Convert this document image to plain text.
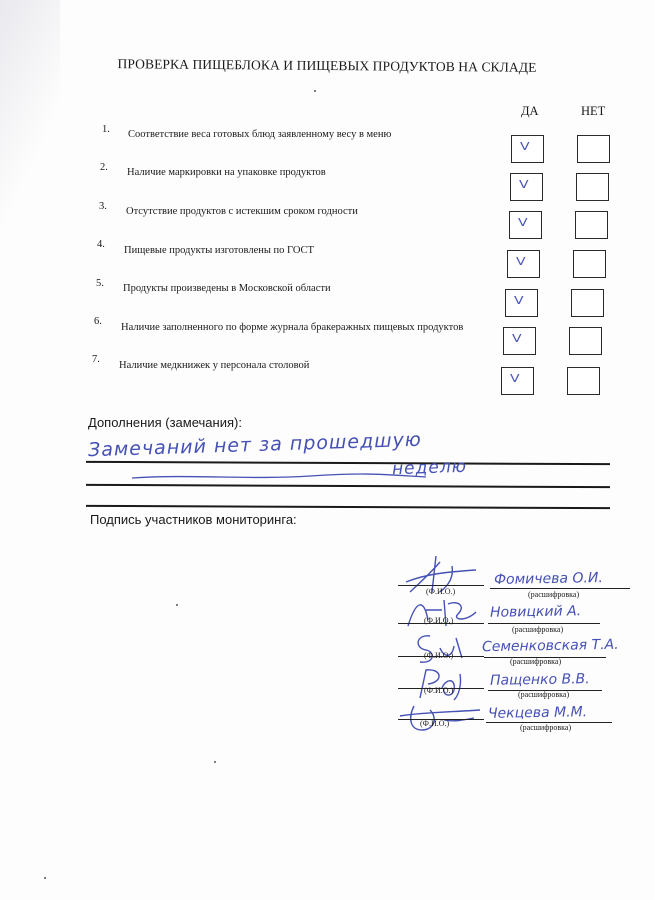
ПРОВЕРКА ПИЩЕБЛОКА И ПИЩЕВЫХ ПРОДУКТОВ НА СКЛАДЕ
ДА	НЕТ
1. Соответствие веса готовых блюд заявленному весу в меню
V
2. Наличие маркировки на упаковке продуктов
V
3. Отсутствие продуктов с истекшим сроком годности
V
4.
Пищевые продукты изготовлены по ГОСТ
V
5. Продукты произведены в Московской области
V
6.
Наличие заполненного по форме журнала бракеражных пищевых продуктов
V
7.
Наличие медкнижек у персонала столовой
V
Дополнения (замечания):
Замечаний нет за прошедшую
неделю
Подпись участников мониторинга:
(Ф.И.О.)
Фомичева О.И.
(расшифровка)
(Ф.И.О.)	Новицкий А.
(расшифровка)
(Ф.И.О.)
Семенковская Т.А.
(расшифровка)
(Ф.И.О.)
Пащенко В.В.
(расшифровка)
(Ф.И.О.)
Чекцева М.М.
(расшифровка)
